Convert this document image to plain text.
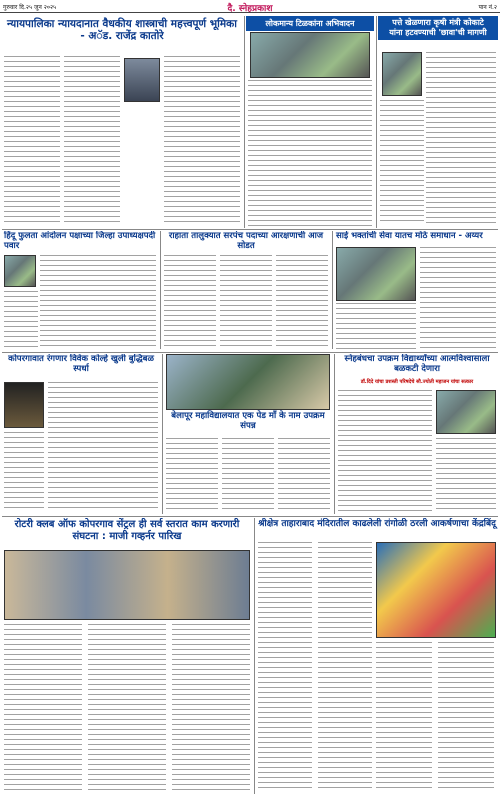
गुरुवार दि.२५ जुन २०२५	दै. स्नेहप्रकाश	पान नं.२
न्यायपालिका न्यायदानात वैधकीय शास्त्राची महत्त्वपूर्ण भूमिका - अॅड. राजेंद्र कातोरे
लोकमान्य टिळकांना अभिवादन	पत्ते खेळणारा कृषी मंत्री कोकाटे
यांना हटवण्याची 'छावा'ची मागणी
हिंदू फुलता आंदोलन पक्षाच्या जिल्हा उपाध्यक्षपदी पवार
राहाता तालुक्यात सरपंच पदाच्या आरक्षणाची आज सोडत
साई भक्तांची सेवा यातच मोठे समाधान - अय्यर
कोपरगावात रंगणार विवेक कोल्हे खुली बुद्धिबळ स्पर्धा
बेलापूर महाविद्यालयात एक पेड माँ के नाम उपक्रम संपन्न
स्नेहबंधचा उपक्रम विद्यार्थ्यांच्या आत्मविश्वासाला बळकटी देणारा
डॉ.दिदे यांचा प्रशस्ती परिषदेचे सौ.ज्योती महाजन यांचा सत्कार
रोटरी क्लब ऑफ कोपरगाव सेंट्रल ही सर्व स्तरात काम करणारी संघटना : माजी गव्हर्नर पारिख
श्रीक्षेत्र ताहाराबाद मंदिरातील काढलेली रांगोळी ठरली आकर्षणाचा केंद्रबिंदू
